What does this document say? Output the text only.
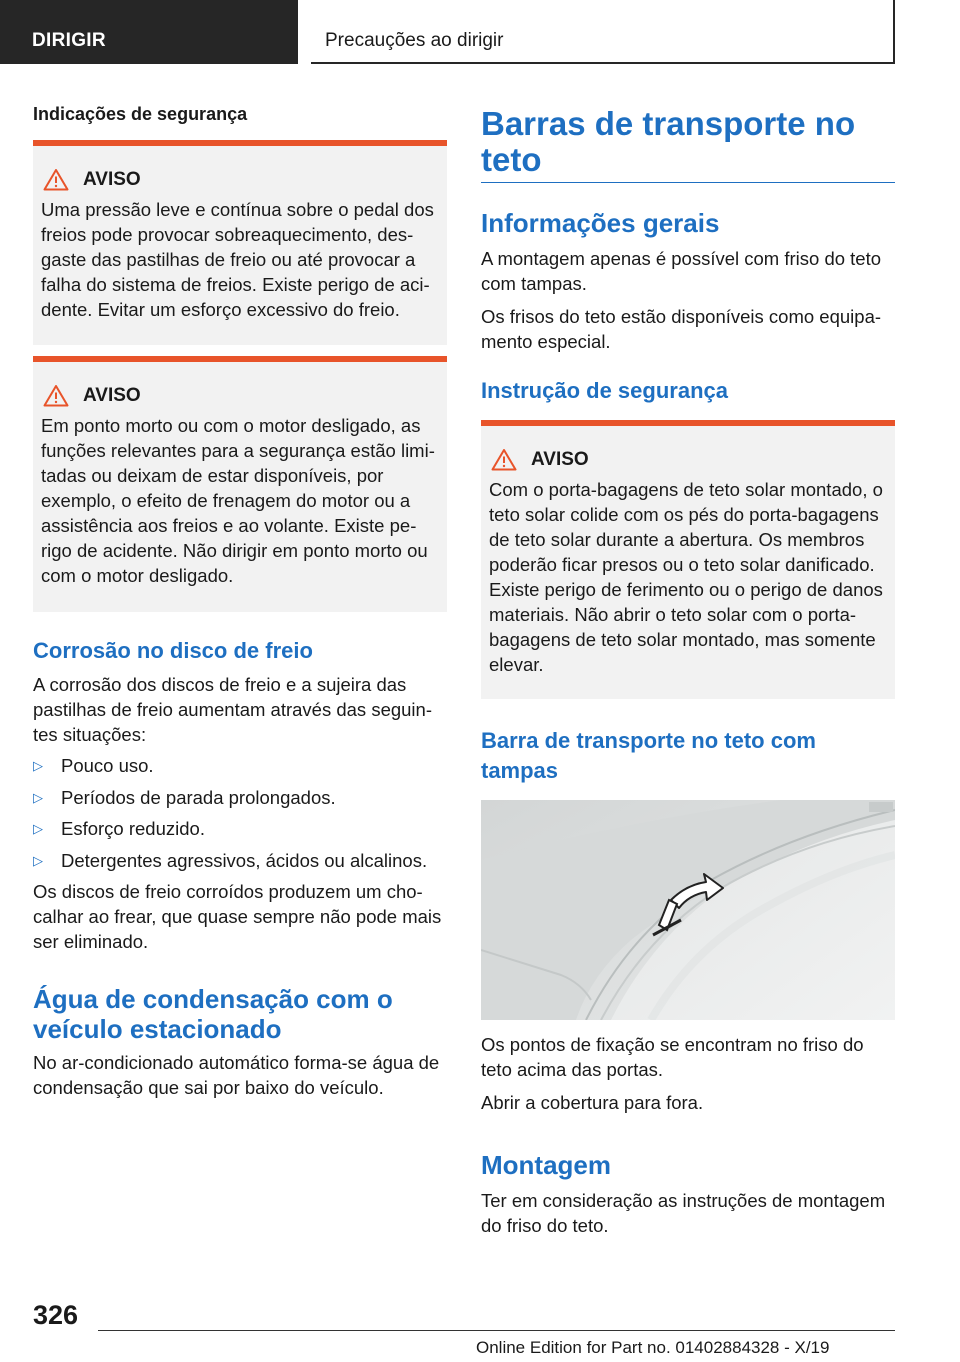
DIRIGIR	Precauções ao dirigir
Indicações de segurança
AVISO

Uma pressão leve e contínua sobre o pedal dos freios pode provocar sobreaquecimento, desgaste das pastilhas de freio ou até provocar a falha do sistema de freios. Existe perigo de acidente. Evitar um esforço excessivo do freio.

AVISO

Em ponto morto ou com o motor desligado, as funções relevantes para a segurança estão limitadas ou deixam de estar disponíveis, por exemplo, o efeito de frenagem do motor ou a assistência aos freios e ao volante. Existe perigo de acidente. Não dirigir em ponto morto ou com o motor desligado.

Corrosão no disco de freio

A corrosão dos discos de freio e a sujeira das pastilhas de freio aumentam através das seguintes situações:

▷ Pouco uso.
▷ Períodos de parada prolongados.
▷ Esforço reduzido.
▷ Detergentes agressivos, ácidos ou alcalinos.

Os discos de freio corroídos produzem um chocalhar ao frear, que quase sempre não pode mais ser eliminado.

Água de condensação com o veículo estacionado

No ar-condicionado automático forma-se água de condensação que sai por baixo do veículo.

Barras de transporte no teto
Informações gerais

A montagem apenas é possível com friso do teto com tampas.

Os frisos do teto estão disponíveis como equipamento especial.

Instrução de segurança
AVISO

Com o porta-bagagens de teto solar montado, o teto solar colide com os pés do porta-bagagens de teto solar durante a abertura. Os membros poderão ficar presos ou o teto solar danificado. Existe perigo de ferimento ou o perigo de danos materiais. Não abrir o teto solar com o porta-bagagens de teto solar montado, mas somente elevar.

Barra de transporte no teto com tampas

Os pontos de fixação se encontram no friso do teto acima das portas.

Abrir a cobertura para fora.

Montagem

Ter em consideração as instruções de montagem do friso do teto.

326
Online Edition for Part no. 01402884328 - X/19
